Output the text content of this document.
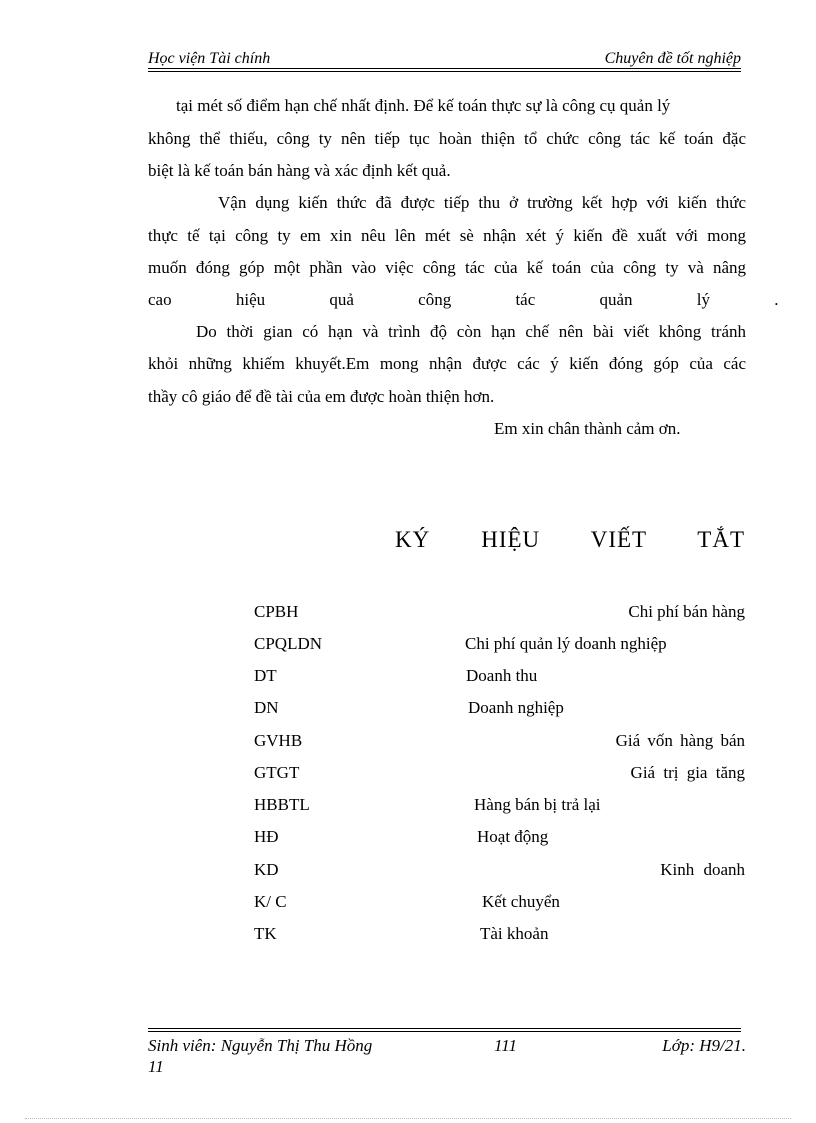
Học viện Tài chính	Chuyên đề tốt nghiệp
tại mét số điểm hạn chế nhất định. Để kế toán thực sự là công cụ quản lý
không thể thiếu, công ty nên tiếp tục hoàn thiện tổ chức công tác kế toán đặc
biệt là kế toán bán hàng và xác định kết quả.
Vận dụng kiến thức đã được tiếp thu ở trường kết hợp với kiến thức
thực tế tại công ty em xin nêu lên mét sè nhận xét ý kiến đề xuất với mong
muốn đóng góp một phần vào việc công tác của kế toán của công ty và nâng
cao hiệu quả công tác quản lý .
Do thời gian có hạn và trình độ còn hạn chế nên bài viết không tránh
khỏi những khiếm khuyết.Em mong nhận được các ý kiến đóng góp của các
thầy cô giáo để đề tài của em được hoàn thiện hơn.
Em xin chân thành cảm ơn.
KÝ HIỆU VIẾT TẮT
CPBH	Chi phí bán hàng
CPQLDN	Chi phí quản lý doanh nghiệp
DT	Doanh thu
DN	Doanh nghiệp
GVHB	Giá vốn hàng bán
GTGT	Giá trị gia tăng
HBBTL	Hàng bán bị trả lại
HĐ	Hoạt động
KD	Kinh doanh
K/ C	Kết chuyển
TK	Tài khoản
Sinh viên: Nguyễn Thị Thu Hồng	111	Lớp: H9/21.
11
